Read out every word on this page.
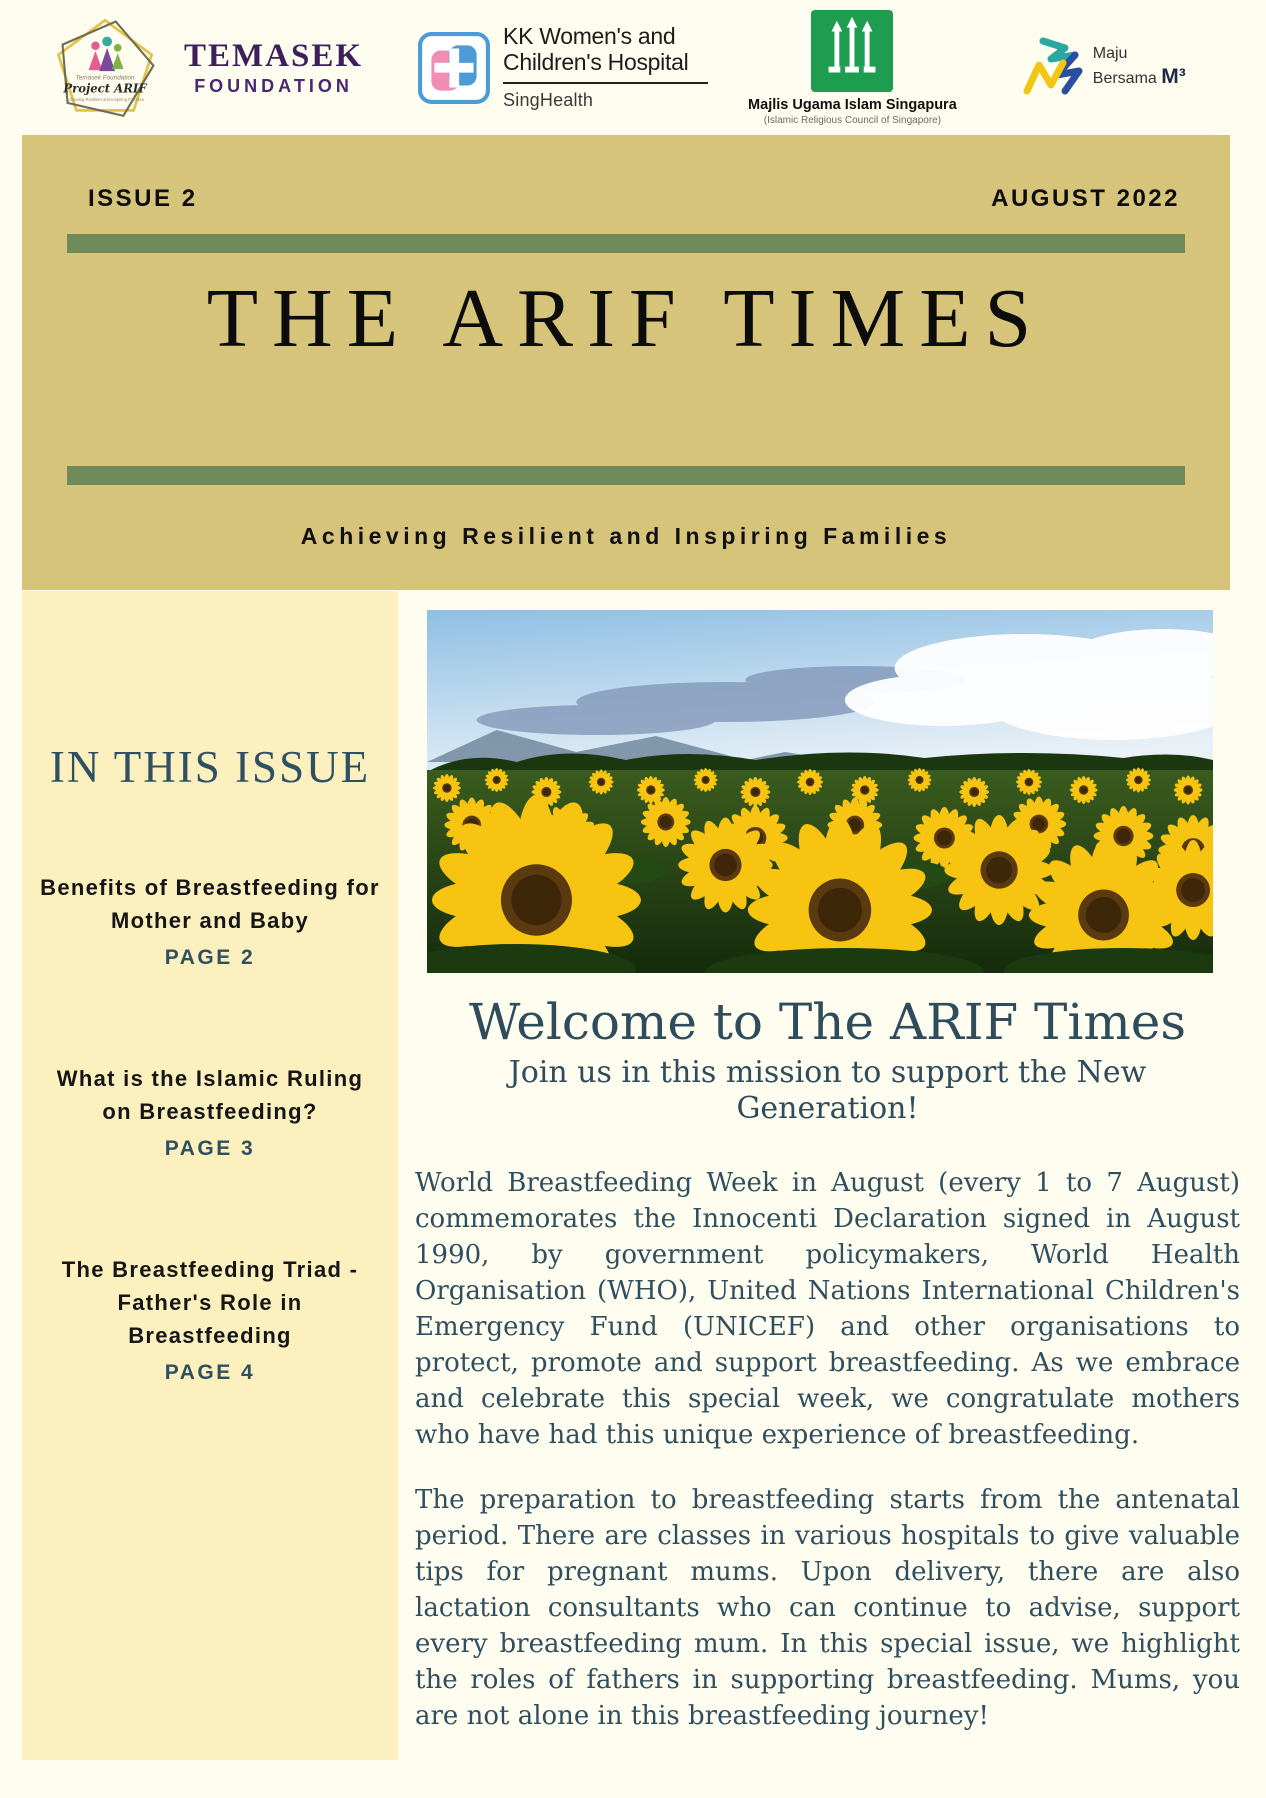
Temasek Foundation
Project ARIF
Achieving Resilient and Inspiring Families
TEMASEK
FOUNDATION
KK Women's and
Children's Hospital
SingHealth	Majlis Ugama Islam Singapura
(Islamic Religious Council of Singapore)
Maju
Bersama M³
ISSUE 2	AUGUST 2022
THE ARIF TIMES
Achieving Resilient and Inspiring Families
IN THIS ISSUE
Benefits of Breastfeeding for Mother and Baby
PAGE 2
What is the Islamic Ruling on Breastfeeding?
PAGE 3
The Breastfeeding Triad - Father's Role in Breastfeeding
PAGE 4
Welcome to The ARIF Times

Join us in this mission to support the New Generation!

World Breastfeeding Week in August (every 1 to 7 August) commemorates the Innocenti Declaration signed in August 1990, by government policymakers, World Health Organisation (WHO), United Nations International Children's Emergency Fund (UNICEF) and other organisations to protect, promote and support breastfeeding. As we embrace and celebrate this special week, we congratulate mothers who have had this unique experience of breastfeeding.

The preparation to breastfeeding starts from the antenatal period. There are classes in various hospitals to give valuable tips for pregnant mums. Upon delivery, there are also lactation consultants who can continue to advise, support every breastfeeding mum. In this special issue, we highlight the roles of fathers in supporting breastfeeding. Mums, you are not alone in this breastfeeding journey!
